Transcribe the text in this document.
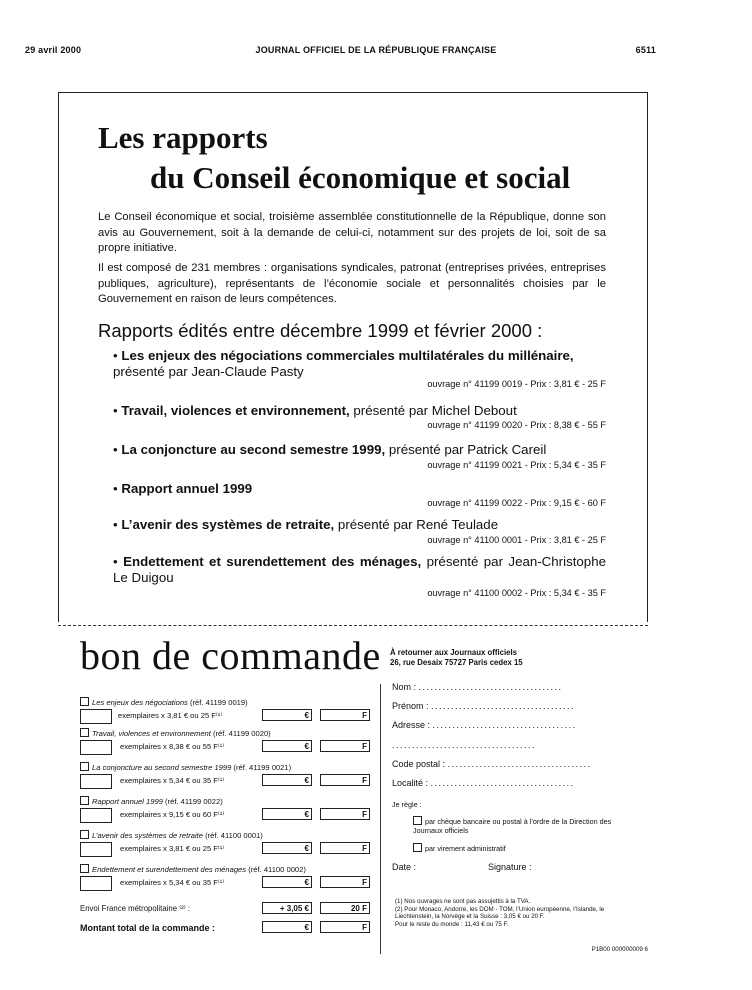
29 avril 2000	JOURNAL OFFICIEL DE LA RÉPUBLIQUE FRANÇAISE	6511
Les rapports
du Conseil économique et social
Le Conseil économique et social, troisième assemblée constitutionnelle de la République, donne son avis au Gouvernement, soit à la demande de celui-ci, notamment sur des projets de loi, soit de sa propre initiative.
Il est composé de 231 membres : organisations syndicales, patronat (entreprises privées, entreprises publiques, agriculture), représentants de l’économie sociale et personnalités choisies par le Gouvernement en raison de leurs compétences.
Rapports édités entre décembre 1999 et février 2000 :
• Les enjeux des négociations commerciales multilatérales du millénaire, présenté par Jean-Claude Pasty
ouvrage n° 41199 0019 - Prix : 3,81 € - 25 F
• Travail, violences et environnement, présenté par Michel Debout
ouvrage n° 41199 0020 - Prix : 8,38 € - 55 F
• La conjoncture au second semestre 1999, présenté par Patrick Careil
ouvrage n° 41199 0021 - Prix : 5,34 € - 35 F
• Rapport annuel 1999
ouvrage n° 41199 0022 - Prix : 9,15 € - 60 F
• L’avenir des systèmes de retraite, présenté par René Teulade
ouvrage n° 41100 0001 - Prix : 3,81 € - 25 F
• Endettement et surendettement des ménages, présenté par Jean-Christophe Le Duigou
ouvrage n° 41100 0002 - Prix : 5,34 € - 35 F
bon de commande À retourner aux Journaux officiels
26, rue Desaix 75727 Paris cedex 15
Les enjeux des négociations (réf. 41199 0019)
exemplaires x 3,81 € ou 25 F⁽¹⁾	€	F
Travail, violences et environnement (réf. 41199 0020)
exemplaires x 8,38 € ou 55 F⁽¹⁾	€	F
La conjoncture au second semestre 1999 (réf. 41199 0021)
exemplaires x 5,34 € ou 35 F⁽¹⁾	€	F
Rapport annuel 1999 (réf. 41199 0022)
exemplaires x 9,15 € ou 60 F⁽¹⁾	€	F
L’avenir des systèmes de retraite (réf. 41100 0001)
exemplaires x 3,81 € ou 25 F⁽¹⁾	€	F
Endettement et surendettement des ménages (réf. 41100 0002)
exemplaires x 5,34 € ou 35 F⁽¹⁾	€	F
Envoi France métropolitaine ⁽²⁾ :	+ 3,05 €	20 F
Montant total de la commande :	€	F
Nom : ....................................
Prénom : ....................................
Adresse : ....................................
....................................
Code postal : ....................................
Localité : ....................................
Je règle :
par chèque bancaire ou postal à l’ordre de la Direction des Journaux officiels
par virement administratif
Date :	Signature :
(1) Nos ouvrages ne sont pas assujettis à la TVA.
(2) Pour Monaco, Andorre, les DOM - TOM, l’Union européenne, l’Islande, le Liechtenstein, la Norvège et la Suisse : 3,05 € ou 20 F.
Pour le reste du monde : 11,43 € ou 75 F.
P1B00 000000009 6
